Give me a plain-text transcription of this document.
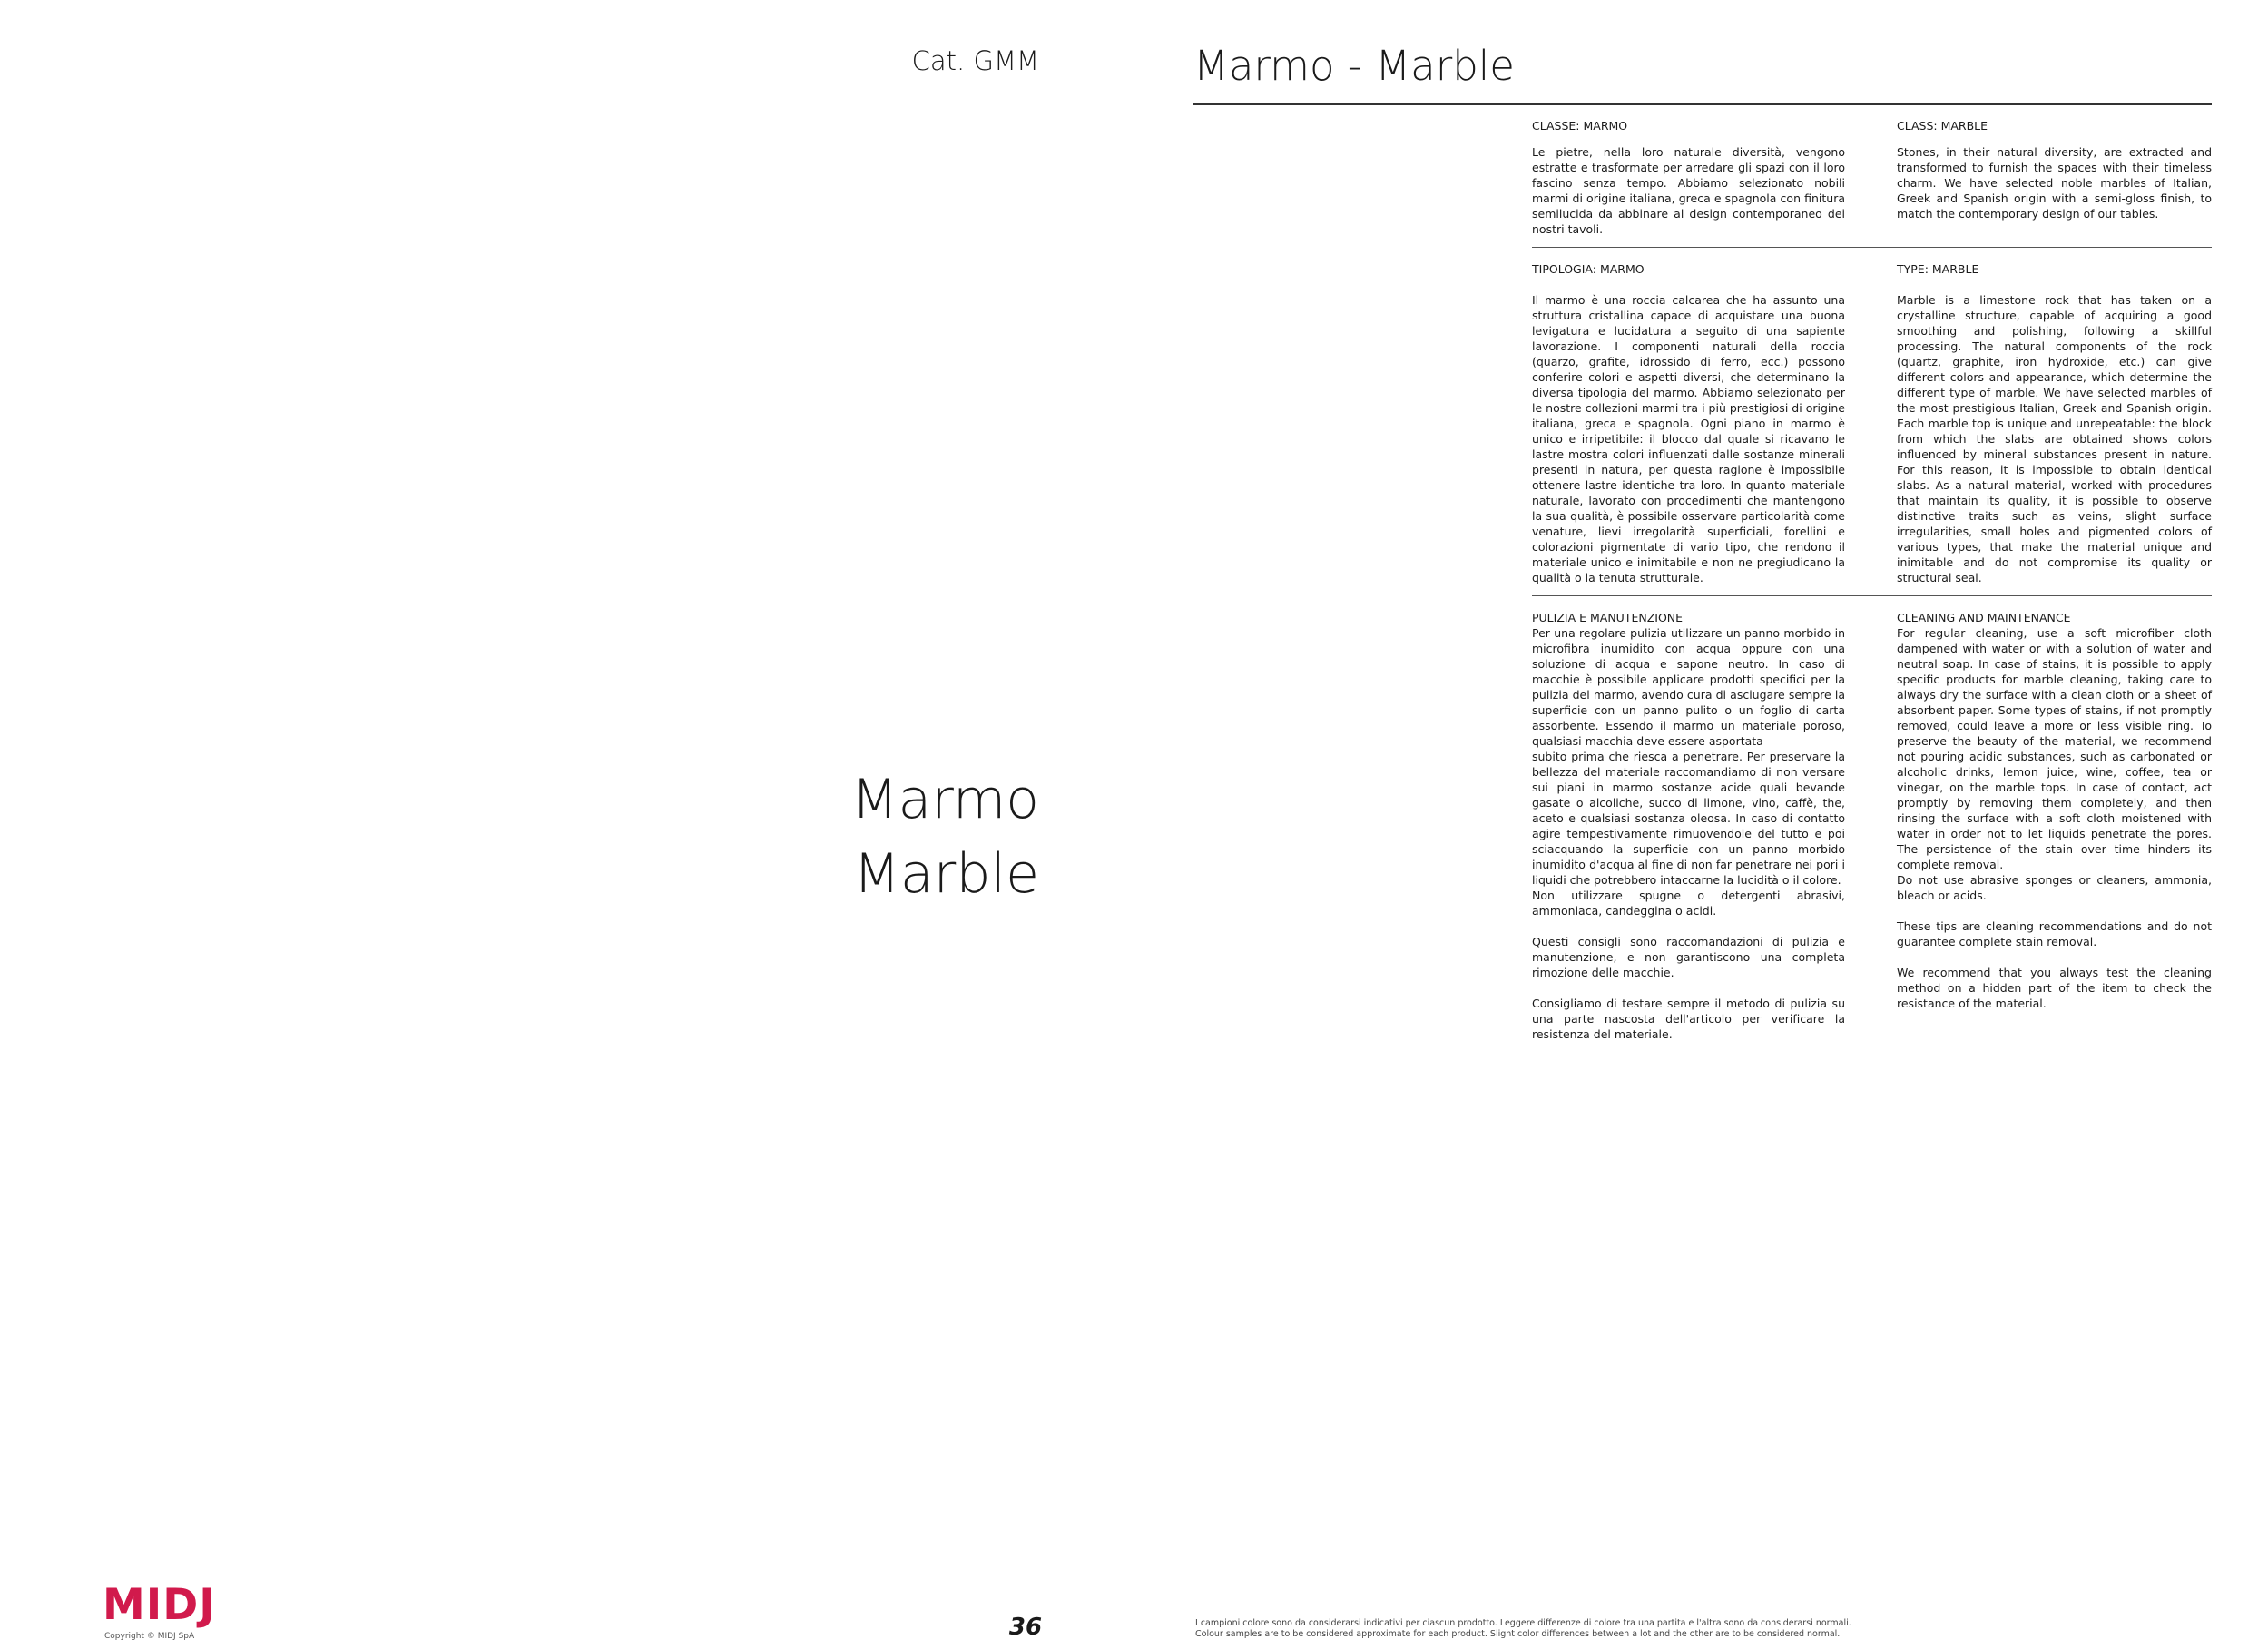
Cat. GMM
Marmo
Marble
Marmo - Marble
CLASSE: MARMO
Le pietre, nella loro naturale diversità, vengono estratte e trasformate per arredare gli spazi con il loro fascino senza tempo. Abbiamo selezionato nobili marmi di origine italiana, greca e spagnola con finitura semilucida da abbinare al design contemporaneo dei nostri tavoli.
CLASS: MARBLE
Stones, in their natural diversity, are extracted and transformed to furnish the spaces with their timeless charm. We have selected noble marbles of Italian, Greek and Spanish origin with a semi-gloss finish, to match the contemporary design of our tables.
TIPOLOGIA: MARMO
Il marmo è una roccia calcarea che ha assunto una struttura cristallina capace di acquistare una buona levigatura e lucidatura a seguito di una sapiente lavorazione. I componenti naturali della roccia (quarzo, grafite, idrossido di ferro, ecc.) possono conferire colori e aspetti diversi, che determinano la diversa tipologia del marmo. Abbiamo selezionato per le nostre collezioni marmi tra i più prestigiosi di origine italiana, greca e spagnola. Ogni piano in marmo è unico e irripetibile: il blocco dal quale si ricavano le lastre mostra colori influenzati dalle sostanze minerali presenti in natura, per questa ragione è impossibile ottenere lastre identiche tra loro. In quanto materiale naturale, lavorato con procedimenti che mantengono la sua qualità, è possibile osservare particolarità come venature, lievi irregolarità superficiali, forellini e colorazioni pigmentate di vario tipo, che rendono il materiale unico e inimitabile e non ne pregiudicano la qualità o la tenuta strutturale.
TYPE: MARBLE
Marble is a limestone rock that has taken on a crystalline structure, capable of acquiring a good smoothing and polishing, following a skillful processing. The natural components of the rock (quartz, graphite, iron hydroxide, etc.) can give different colors and appearance, which determine the different type of marble. We have selected marbles of the most prestigious Italian, Greek and Spanish origin. Each marble top is unique and unrepeatable: the block from which the slabs are obtained shows colors influenced by mineral substances present in nature. For this reason, it is impossible to obtain identical slabs. As a natural material, worked with procedures that maintain its quality, it is possible to observe distinctive traits such as veins, slight surface irregularities, small holes and pigmented colors of various types, that make the material unique and inimitable and do not compromise its quality or structural seal.
PULIZIA E MANUTENZIONE
Per una regolare pulizia utilizzare un panno morbido in microfibra inumidito con acqua oppure con una soluzione di acqua e sapone neutro. In caso di macchie è possibile applicare prodotti specifici per la pulizia del marmo, avendo cura di asciugare sempre la superficie con un panno pulito o un foglio di carta assorbente. Essendo il marmo un materiale poroso, qualsiasi macchia deve essere asportata
subito prima che riesca a penetrare. Per preservare la bellezza del materiale raccomandiamo di non versare sui piani in marmo sostanze acide quali bevande gasate o alcoliche, succo di limone, vino, caffè, the, aceto e qualsiasi sostanza oleosa. In caso di contatto agire tempestivamente rimuovendole del tutto e poi sciacquando la superficie con un panno morbido inumidito d'acqua al fine di non far penetrare nei pori i liquidi che potrebbero intaccarne la lucidità o il colore.
Non utilizzare spugne o detergenti abrasivi, ammoniaca, candeggina o acidi.

Questi consigli sono raccomandazioni di pulizia e manutenzione, e non garantiscono una completa rimozione delle macchie.

Consigliamo di testare sempre il metodo di pulizia su una parte nascosta dell'articolo per verificare la resistenza del materiale.
CLEANING AND MAINTENANCE
For regular cleaning, use a soft microfiber cloth dampened with water or with a solution of water and neutral soap. In case of stains, it is possible to apply specific products for marble cleaning, taking care to always dry the surface with a clean cloth or a sheet of absorbent paper. Some types of stains, if not promptly removed, could leave a more or less visible ring. To preserve the beauty of the material, we recommend not pouring acidic substances, such as carbonated or alcoholic drinks, lemon juice, wine, coffee, tea or vinegar, on the marble tops. In case of contact, act promptly by removing them completely, and then rinsing the surface with a soft cloth moistened with water in order not to let liquids penetrate the pores. The persistence of the stain over time hinders its complete removal.
Do not use abrasive sponges or cleaners, ammonia, bleach or acids.

These tips are cleaning recommendations and do not guarantee complete stain removal.

We recommend that you always test the cleaning method on a hidden part of the item to check the resistance of the material.
MIDJ
Copyright © MIDJ SpA	36	I campioni colore sono da considerarsi indicativi per ciascun prodotto. Leggere differenze di colore tra una partita e l'altra sono da considerarsi normali.
Colour samples are to be considered approximate for each product. Slight color differences between a lot and the other are to be considered normal.
